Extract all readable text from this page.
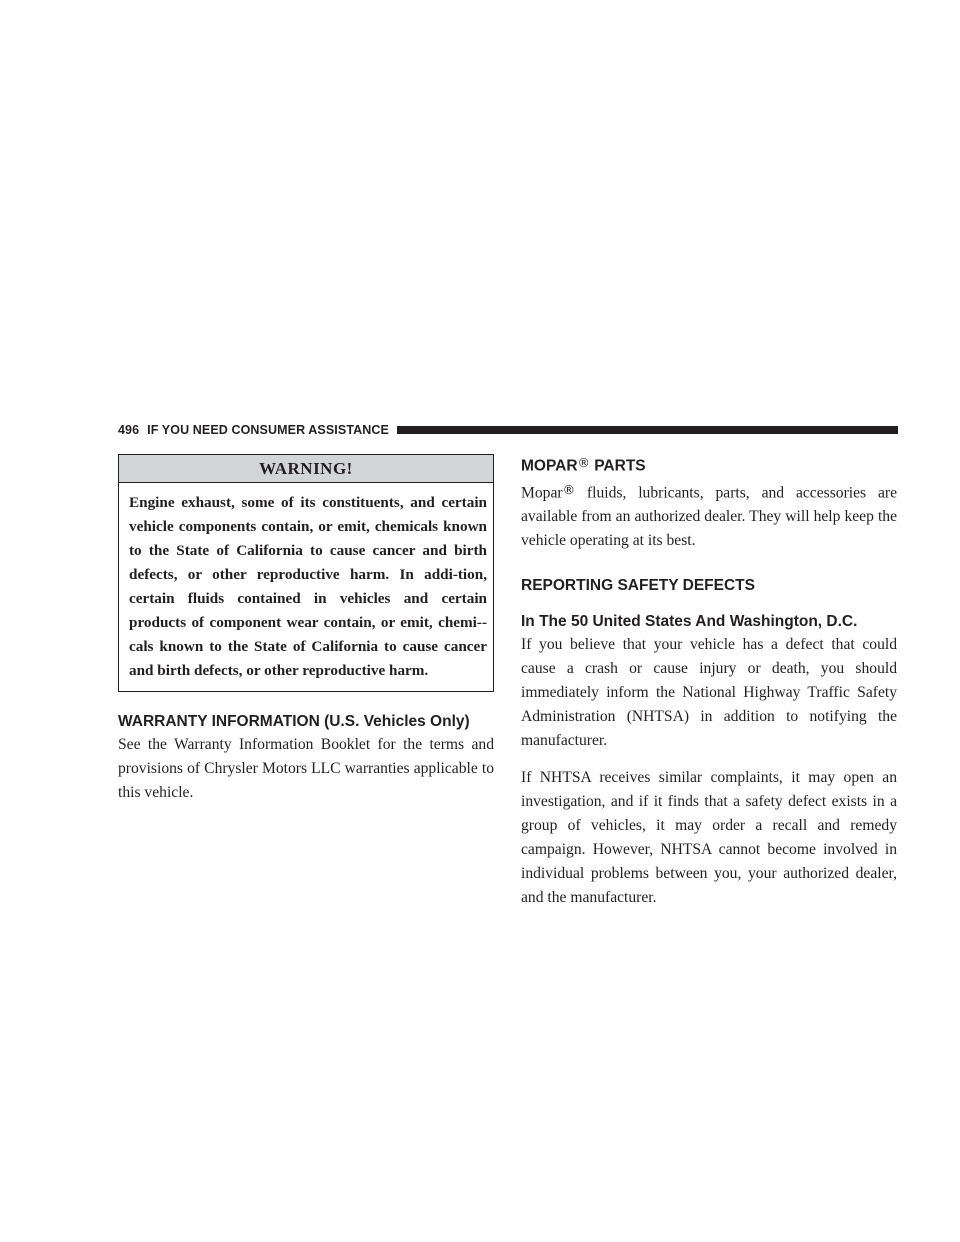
496 IF YOU NEED CONSUMER ASSISTANCE
WARNING!
Engine exhaust, some of its constituents, and certain vehicle components contain, or emit, chemicals known to the State of California to cause cancer and birth defects, or other reproductive harm. In addi-tion, certain fluids contained in vehicles and certain products of component wear contain, or emit, chemi-cals known to the State of California to cause cancer and birth defects, or other reproductive harm.
WARRANTY INFORMATION (U.S. Vehicles Only)

See the Warranty Information Booklet for the terms and provisions of Chrysler Motors LLC warranties applicable to this vehicle.

MOPAR® PARTS

Mopar® fluids, lubricants, parts, and accessories are available from an authorized dealer. They will help keep the vehicle operating at its best.

REPORTING SAFETY DEFECTS
In The 50 United States And Washington, D.C.

If you believe that your vehicle has a defect that could cause a crash or cause injury or death, you should immediately inform the National Highway Traffic Safety Administration (NHTSA) in addition to notifying the manufacturer.

If NHTSA receives similar complaints, it may open an investigation, and if it finds that a safety defect exists in a group of vehicles, it may order a recall and remedy campaign. However, NHTSA cannot become involved in individual problems between you, your authorized dealer, and the manufacturer.
